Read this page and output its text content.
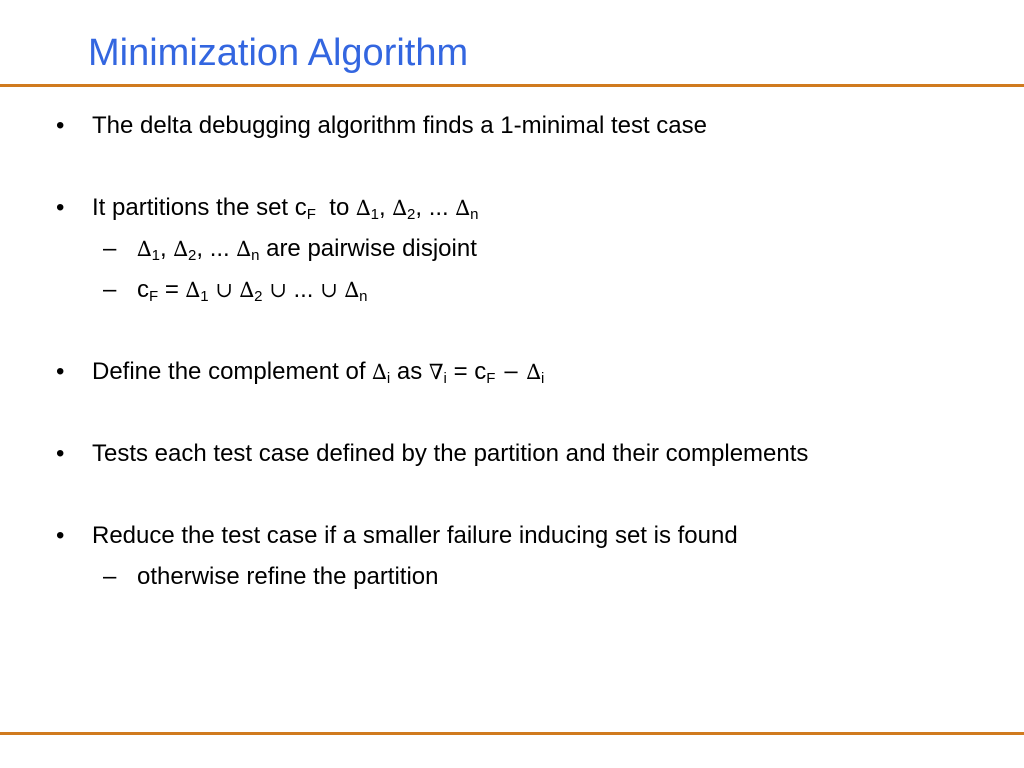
Minimization Algorithm
• The delta debugging algorithm finds a 1-minimal test case
• It partitions the set $c_F$ to $\Delta_1$, $\Delta_2$, ... $\Delta_n$
– $\Delta_1$, $\Delta_2$, ... $\Delta_n$ are pairwise disjoint
– $c_F = \Delta_1$ ∪ $\Delta_2$ ∪ ... ∪ $\Delta_n$
• Define the complement of $\Delta_i$ as $\nabla_i = c_F - \Delta_i$
• Tests each test case defined by the partition and their complements
• Reduce the test case if a smaller failure inducing set is found
– otherwise refine the partition
